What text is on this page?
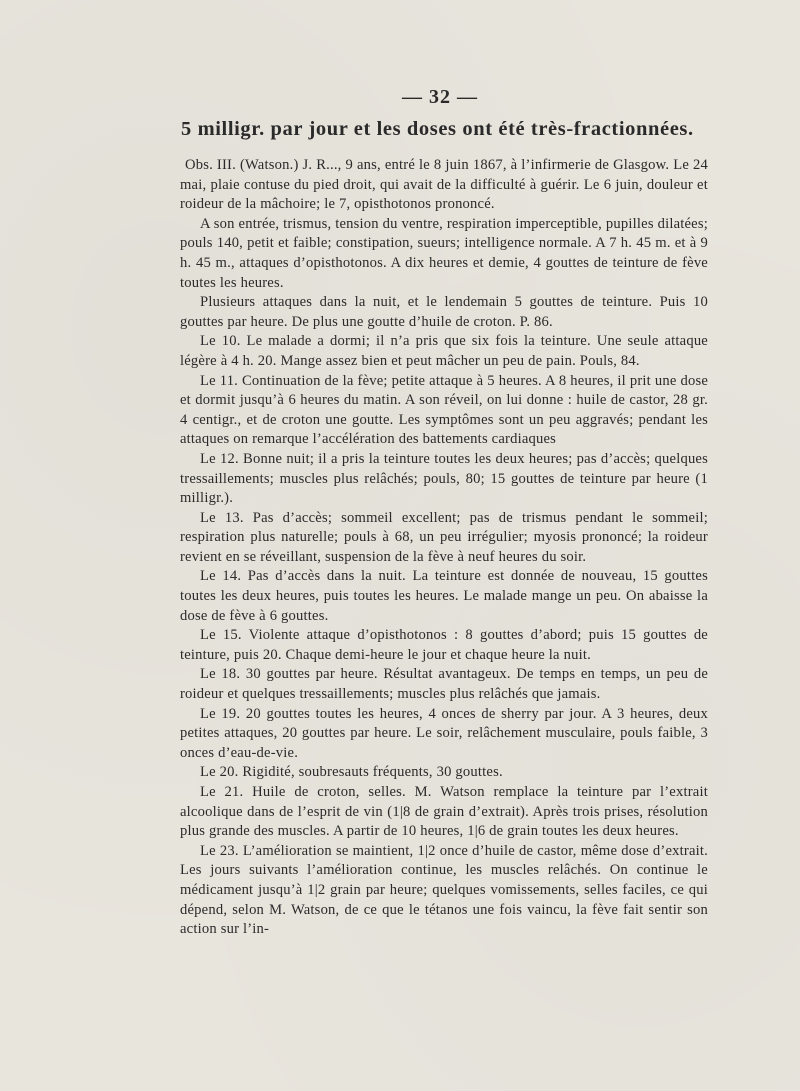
— 32 —
5 milligr. par jour et les doses ont été très-fractionnées.

Obs. III. (Watson.) J. R..., 9 ans, entré le 8 juin 1867, à l’infirmerie de Glasgow. Le 24 mai, plaie contuse du pied droit, qui avait de la difficulté à guérir. Le 6 juin, douleur et roideur de la mâchoire; le 7, opisthotonos prononcé.

A son entrée, trismus, tension du ventre, respiration imperceptible, pupilles dilatées; pouls 140, petit et faible; constipation, sueurs; intelligence normale. A 7 h. 45 m. et à 9 h. 45 m., attaques d’opisthotonos. A dix heures et demie, 4 gouttes de teinture de fève toutes les heures.

Plusieurs attaques dans la nuit, et le lendemain 5 gouttes de teinture. Puis 10 gouttes par heure. De plus une goutte d’huile de croton. P. 86.

Le 10. Le malade a dormi; il n’a pris que six fois la teinture. Une seule attaque légère à 4 h. 20. Mange assez bien et peut mâcher un peu de pain. Pouls, 84.

Le 11. Continuation de la fève; petite attaque à 5 heures. A 8 heures, il prit une dose et dormit jusqu’à 6 heures du matin. A son réveil, on lui donne : huile de castor, 28 gr. 4 centigr., et de croton une goutte. Les symptômes sont un peu aggravés; pendant les attaques on remarque l’accélération des battements cardiaques

Le 12. Bonne nuit; il a pris la teinture toutes les deux heures; pas d’accès; quelques tressaillements; muscles plus relâchés; pouls, 80; 15 gouttes de teinture par heure (1 milligr.).

Le 13. Pas d’accès; sommeil excellent; pas de trismus pendant le sommeil; respiration plus naturelle; pouls à 68, un peu irrégulier; myosis prononcé; la roideur revient en se réveillant, suspension de la fève à neuf heures du soir.

Le 14. Pas d’accès dans la nuit. La teinture est donnée de nouveau, 15 gouttes toutes les deux heures, puis toutes les heures. Le malade mange un peu. On abaisse la dose de fève à 6 gouttes.

Le 15. Violente attaque d’opisthotonos : 8 gouttes d’abord; puis 15 gouttes de teinture, puis 20. Chaque demi-heure le jour et chaque heure la nuit.

Le 18. 30 gouttes par heure. Résultat avantageux. De temps en temps, un peu de roideur et quelques tressaillements; muscles plus relâchés que jamais.

Le 19. 20 gouttes toutes les heures, 4 onces de sherry par jour. A 3 heures, deux petites attaques, 20 gouttes par heure. Le soir, relâchement musculaire, pouls faible, 3 onces d’eau-de-vie.

Le 20. Rigidité, soubresauts fréquents, 30 gouttes.

Le 21. Huile de croton, selles. M. Watson remplace la teinture par l’extrait alcoolique dans de l’esprit de vin (1|8 de grain d’extrait). Après trois prises, résolution plus grande des muscles. A partir de 10 heures, 1|6 de grain toutes les deux heures.

Le 23. L’amélioration se maintient, 1|2 once d’huile de castor, même dose d’extrait. Les jours suivants l’amélioration continue, les muscles relâchés. On continue le médicament jusqu’à 1|2 grain par heure; quelques vomissements, selles faciles, ce qui dépend, selon M. Watson, de ce que le tétanos une fois vaincu, la fève fait sentir son action sur l’in-
